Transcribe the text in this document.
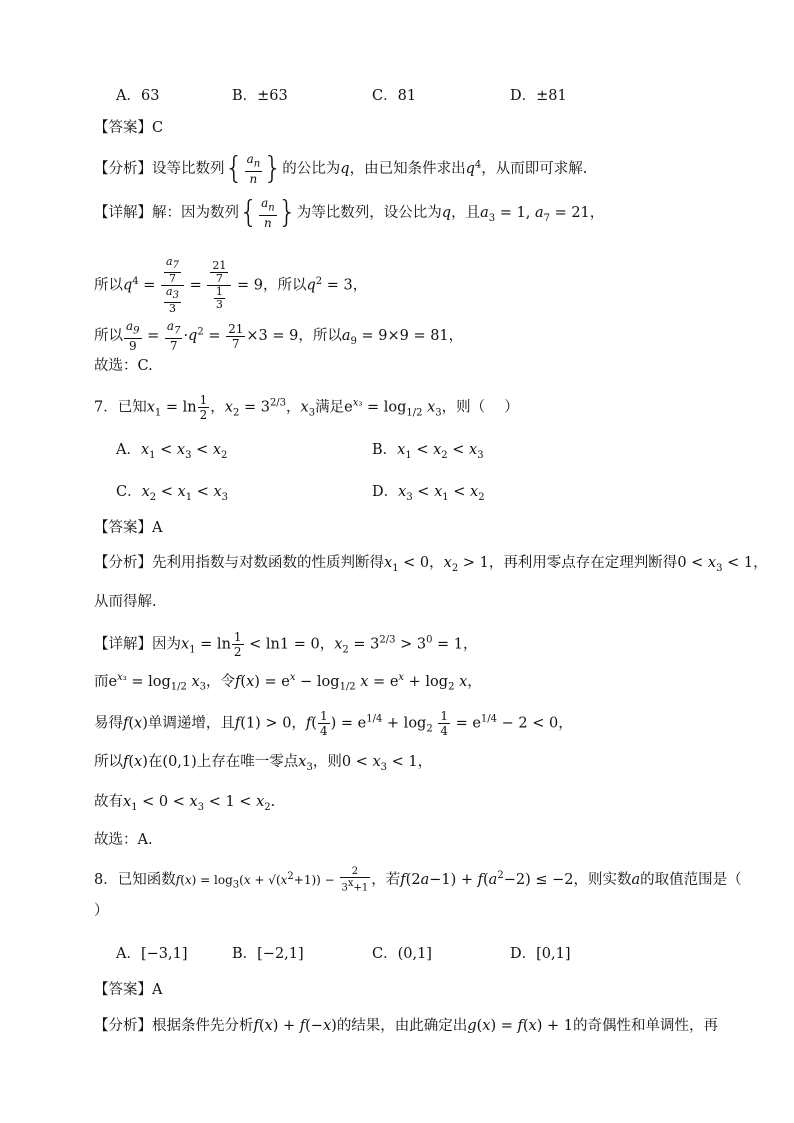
A．63	B．±63	C．81	D．±81
【答案】C
【分析】设等比数列{ $\frac{a_n}{n}$ }的公比为q，由已知条件求出$q^4$，从而即可求解.
【详解】解：因为数列{ $\frac{a_n}{n}$ }为等比数列，设公比为q，且$a_3 = 1$, $a_7 = 21$，
所以$q^4 = \frac{\frac{a_7}{7}}{\frac{a_3}{3}} = \frac{\frac{21}{7}}{\frac{1}{3}} = 9$，所以$q^2 = 3$，
所以 $\frac{a_9}{9} = \frac{a_7}{7} \cdot q^2 = \frac{21}{7} \times 3 = 9$，所以$a_9 = 9\times 9 = 81$，
故选：C.
7．已知$x_1 = \ln \frac{1}{2}$ ，$x_2 = 3^{2/3}$，$x_3$满足$e^{x_3} = \log_{1/2} x_3$，则（　 ）
A．$x_1 < x_3 < x_2$	B．$x_1 < x_2 < x_3$
C．$x_2 < x_1 < x_3$	D．$x_3 < x_1 < x_2$
【答案】A
【分析】先利用指数与对数函数的性质判断得$x_1 < 0$，$x_2 > 1$，再利用零点存在定理判断得$0 < x_3 < 1$，
从而得解.
【详解】因为$x_1 = \ln \frac{1}{2} < \ln 1 = 0$，$x_2 = 3^{2/3} > 3^0 = 1$，
而$e^{x_3} = \log_{1/2} x_3$，令$f(x) = e^x - \log_{1/2} x = e^x + \log_2 x$，
易得f(x)单调递增，且f(1) > 0，$f( \frac{1}{4}$ ) = $e^{1/4} + \log_2 \frac{1}{4} = e^{1/4} - 2 < 0$，
所以f(x)在(0,1)上存在唯一零点$x_3$，则$0 < x_3 < 1$，
故有$x_1 < 0 < x_3 < 1 < x_2$.
故选：A.
8．已知函数$f(x) = \log_3(x + √(x^2+1)) - \frac{2}{3^x+1}$ ，若$f(2a-1) + f(a^2-2) \le -2$，则实数a的取值范围是（
）
A．[−3,1]	B．[−2,1]	C．(0,1]	D．[0,1]
【答案】A
【分析】根据条件先分析f(x) + f(−x)的结果，由此确定出g(x) = f(x) + 1的奇偶性和单调性，再
